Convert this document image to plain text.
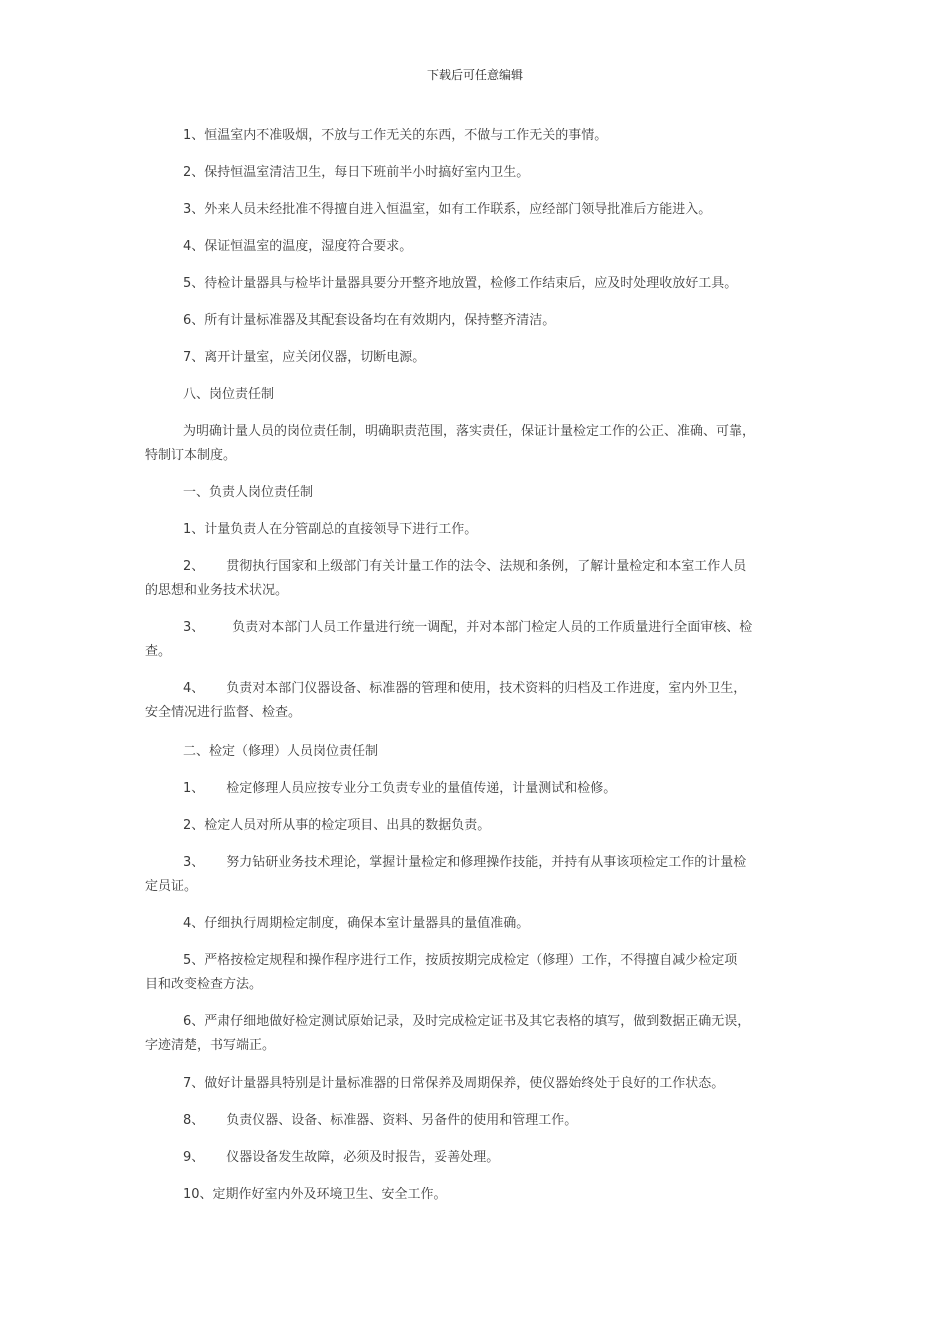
下载后可任意编辑

1、恒温室内不准吸烟，不放与工作无关的东西，不做与工作无关的事情。

2、保持恒温室清洁卫生，每日下班前半小时搞好室内卫生。

3、外来人员未经批准不得擅自进入恒温室，如有工作联系，应经部门领导批准后方能进入。

4、保证恒温室的温度，湿度符合要求。

5、待检计量器具与检毕计量器具要分开整齐地放置，检修工作结束后，应及时处理收放好工具。

6、所有计量标准器及其配套设备均在有效期内，保持整齐清洁。

7、离开计量室，应关闭仪器，切断电源。

八、岗位责任制

为明确计量人员的岗位责任制，明确职责范围，落实责任，保证计量检定工作的公正、准确、可靠，
特制订本制度。

一、负责人岗位责任制

1、计量负责人在分管副总的直接领导下进行工作。

2、 贯彻执行国家和上级部门有关计量工作的法令、法规和条例，了解计量检定和本室工作人员
的思想和业务技术状况。

3、 负责对本部门人员工作量进行统一调配，并对本部门检定人员的工作质量进行全面审核、检
查。

4、 负责对本部门仪器设备、标准器的管理和使用，技术资料的归档及工作进度，室内外卫生，
安全情况进行监督、检查。

二、检定（修理）人员岗位责任制

1、 检定修理人员应按专业分工负责专业的量值传递，计量测试和检修。

2、检定人员对所从事的检定项目、出具的数据负责。

3、 努力钻研业务技术理论，掌握计量检定和修理操作技能，并持有从事该项检定工作的计量检
定员证。

4、仔细执行周期检定制度，确保本室计量器具的量值准确。

5、严格按检定规程和操作程序进行工作，按质按期完成检定（修理）工作，不得擅自减少检定项
目和改变检查方法。

6、严肃仔细地做好检定测试原始记录，及时完成检定证书及其它表格的填写，做到数据正确无误，
字迹清楚，书写端正。

7、做好计量器具特别是计量标准器的日常保养及周期保养，使仪器始终处于良好的工作状态。

8、 负责仪器、设备、标准器、资料、另备件的使用和管理工作。

9、 仪器设备发生故障，必须及时报告，妥善处理。

10、定期作好室内外及环境卫生、安全工作。
